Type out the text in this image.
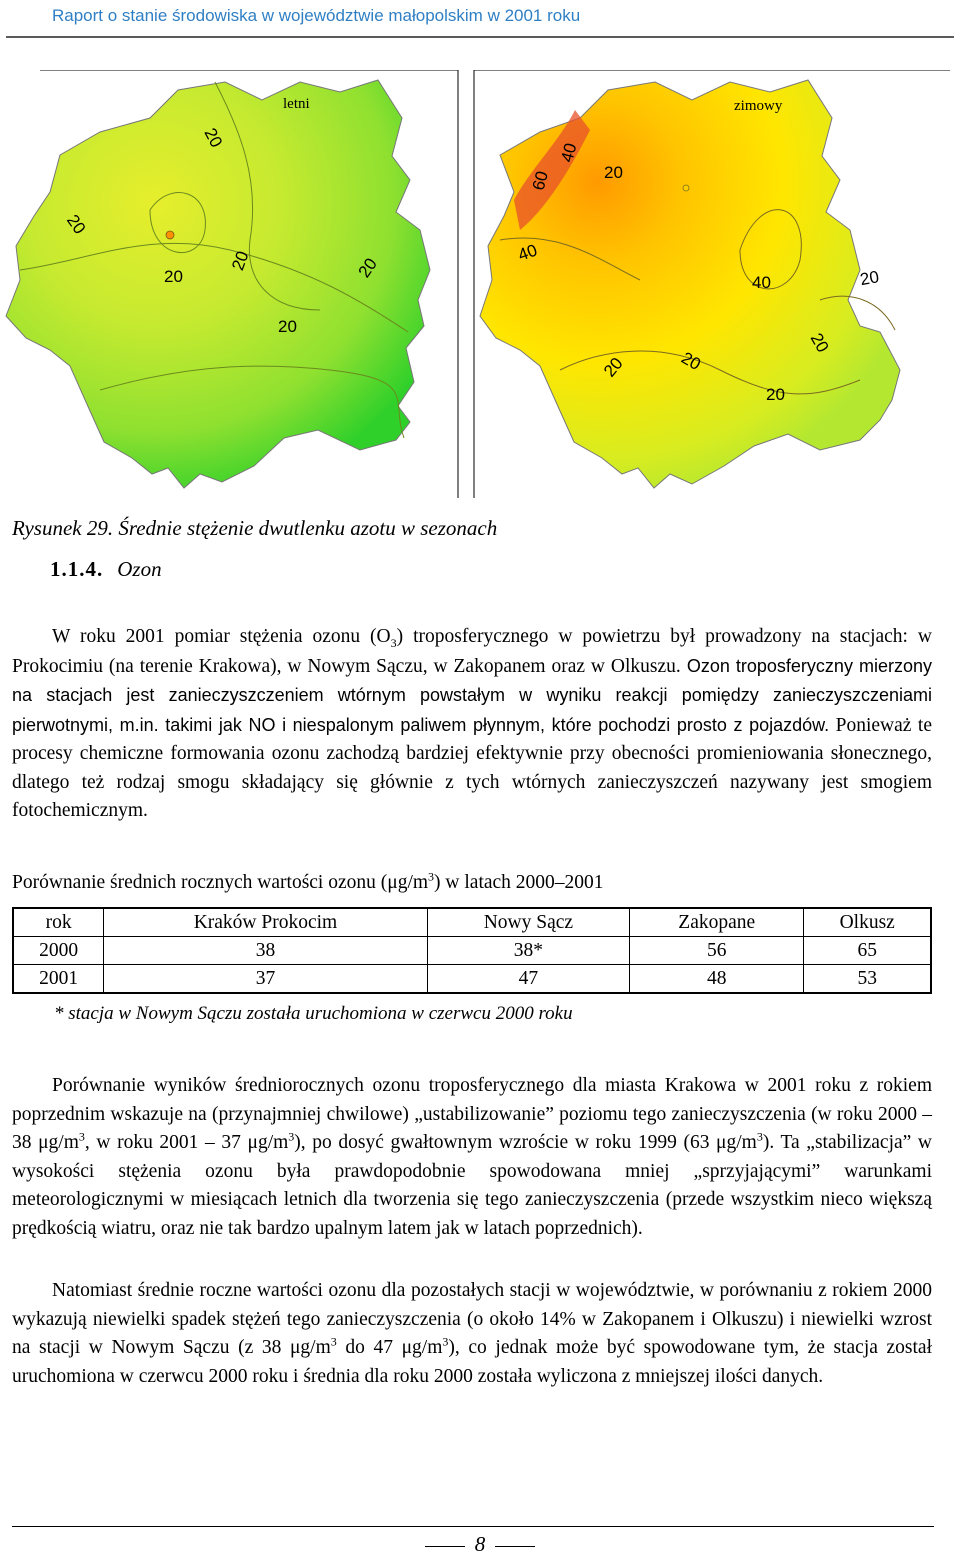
Raport o stanie środowiska w województwie małopolskim w 2001 roku
20
20
20
20	20
20
40
60	20
40
40	20
20
20	20
20
letni	zimowy
Rysunek 29. Średnie stężenie dwutlenku azotu w sezonach
1.1.4. Ozon
W roku 2001 pomiar stężenia ozonu $(O_3)$ troposferycznego w powietrzu był prowadzony na stacjach: w Prokocimiu (na terenie Krakowa), w Nowym Sączu, w Zakopanem oraz w Olkuszu. Ozon troposferyczny mierzony na stacjach jest zanieczyszczeniem wtórnym powstałym w wyniku reakcji pomiędzy zanieczyszczeniami pierwotnymi, m.in. takimi jak NO i niespalonym paliwem płynnym, które pochodzi prosto z pojazdów. Ponieważ te procesy chemiczne formowania ozonu zachodzą bardziej efektywnie przy obecności promieniowania słonecznego, dlatego też rodzaj smogu składający się głównie z tych wtórnych zanieczyszczeń nazywany jest smogiem fotochemicznym.
Porównanie średnich rocznych wartości ozonu $(\mu g/m^3)$ w latach 2000–2001
rok	Kraków Prokocim	Nowy Sącz	Zakopane	Olkusz
2000	38	38*	56	65
2001	37	47	48	53
* stacja w Nowym Sączu została uruchomiona w czerwcu 2000 roku
Porównanie wyników średniorocznych ozonu troposferycznego dla miasta Krakowa w 2001 roku z rokiem poprzednim wskazuje na (przynajmniej chwilowe) „ustabilizowanie” poziomu tego zanieczyszczenia (w roku 2000 – 38 $\mu g/m^3$, w roku 2001 – 37 $\mu g/m^3$), po dosyć gwałtownym wzroście w roku 1999 (63 $\mu g/m^3$). Ta „stabilizacja” w wysokości stężenia ozonu była prawdopodobnie spowodowana mniej „sprzyjającymi” warunkami meteorologicznymi w miesiącach letnich dla tworzenia się tego zanieczyszczenia (przede wszystkim nieco większą prędkością wiatru, oraz nie tak bardzo upalnym latem jak w latach poprzednich).
Natomiast średnie roczne wartości ozonu dla pozostałych stacji w województwie, w porównaniu z rokiem 2000 wykazują niewielki spadek stężeń tego zanieczyszczenia (o około 14% w Zakopanem i Olkuszu) i niewielki wzrost na stacji w Nowym Sączu (z 38 $\mu g/m^3$ do 47 $\mu g/m^3$), co jednak może być spowodowane tym, że stacja został uruchomiona w czerwcu 2000 roku i średnia dla roku 2000 została wyliczona z mniejszej ilości danych.
8
